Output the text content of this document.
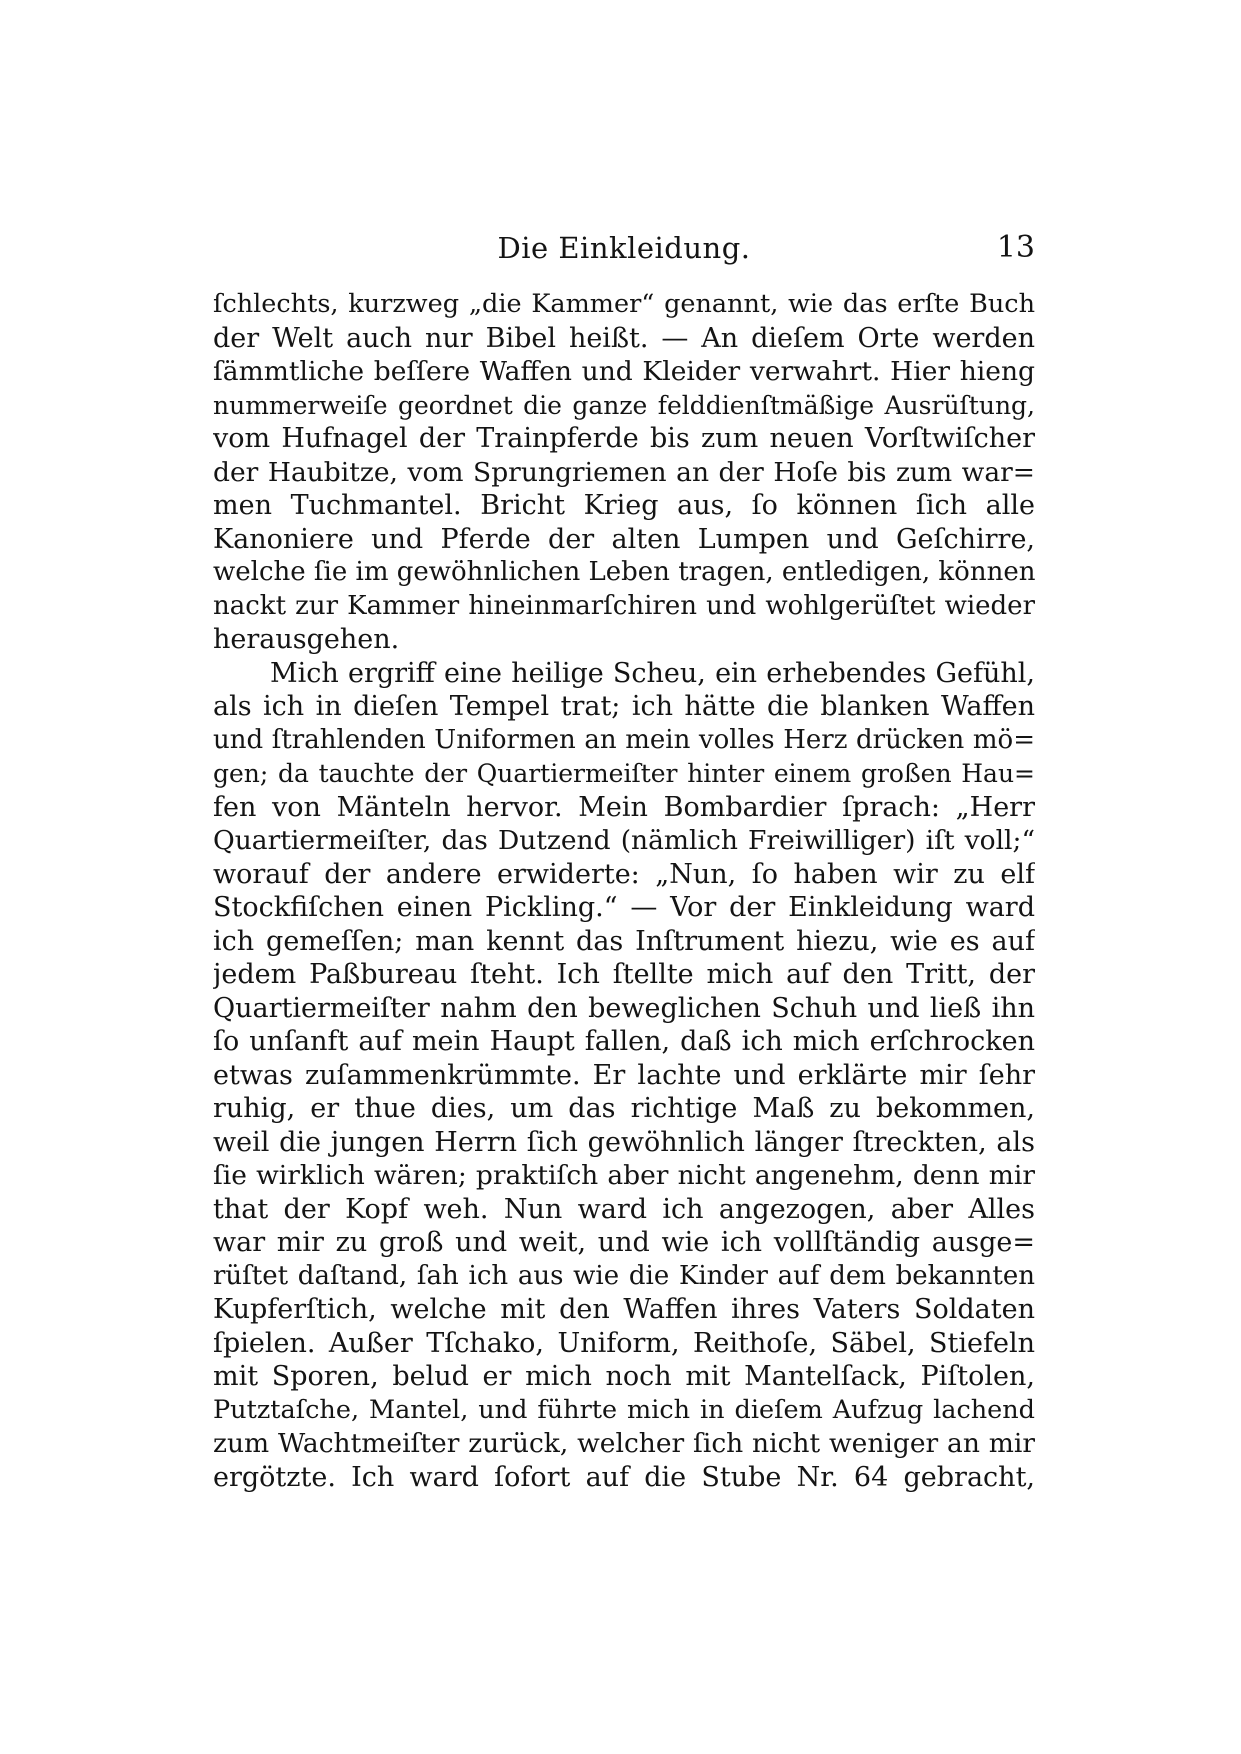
Die Einkleidung.	13
ſchlechts, kurzweg „die Kammer“ genannt, wie das erſte Buch
der Welt auch nur Bibel heißt. — An dieſem Orte werden
ſämmtliche beſſere Waffen und Kleider verwahrt. Hier hieng
nummerweiſe geordnet die ganze felddienſtmäßige Ausrüſtung,
vom Hufnagel der Trainpferde bis zum neuen Vorſtwiſcher
der Haubitze, vom Sprungriemen an der Hoſe bis zum war=
men Tuchmantel. Bricht Krieg aus, ſo können ſich alle
Kanoniere und Pferde der alten Lumpen und Geſchirre,
welche ſie im gewöhnlichen Leben tragen, entledigen, können
nackt zur Kammer hineinmarſchiren und wohlgerüſtet wieder
herausgehen.
Mich ergriff eine heilige Scheu, ein erhebendes Gefühl,
als ich in dieſen Tempel trat; ich hätte die blanken Waffen
und ſtrahlenden Uniformen an mein volles Herz drücken mö=
gen; da tauchte der Quartiermeiſter hinter einem großen Hau=
fen von Mänteln hervor. Mein Bombardier ſprach: „Herr
Quartiermeiſter, das Dutzend (nämlich Freiwilliger) iſt voll;“
worauf der andere erwiderte: „Nun, ſo haben wir zu elf
Stockfiſchen einen Pickling.“ — Vor der Einkleidung ward
ich gemeſſen; man kennt das Inſtrument hiezu, wie es auf
jedem Paßbureau ſteht. Ich ſtellte mich auf den Tritt, der
Quartiermeiſter nahm den beweglichen Schuh und ließ ihn
ſo unſanft auf mein Haupt fallen, daß ich mich erſchrocken
etwas zuſammenkrümmte. Er lachte und erklärte mir ſehr
ruhig, er thue dies, um das richtige Maß zu bekommen,
weil die jungen Herrn ſich gewöhnlich länger ſtreckten, als
ſie wirklich wären; praktiſch aber nicht angenehm, denn mir
that der Kopf weh. Nun ward ich angezogen, aber Alles
war mir zu groß und weit, und wie ich vollſtändig ausge=
rüſtet daſtand, ſah ich aus wie die Kinder auf dem bekannten
Kupferſtich, welche mit den Waffen ihres Vaters Soldaten
ſpielen. Außer Tſchako, Uniform, Reithoſe, Säbel, Stiefeln
mit Sporen, belud er mich noch mit Mantelſack, Piſtolen,
Putztaſche, Mantel, und führte mich in dieſem Aufzug lachend
zum Wachtmeiſter zurück, welcher ſich nicht weniger an mir
ergötzte. Ich ward ſofort auf die Stube Nr. 64 gebracht,
